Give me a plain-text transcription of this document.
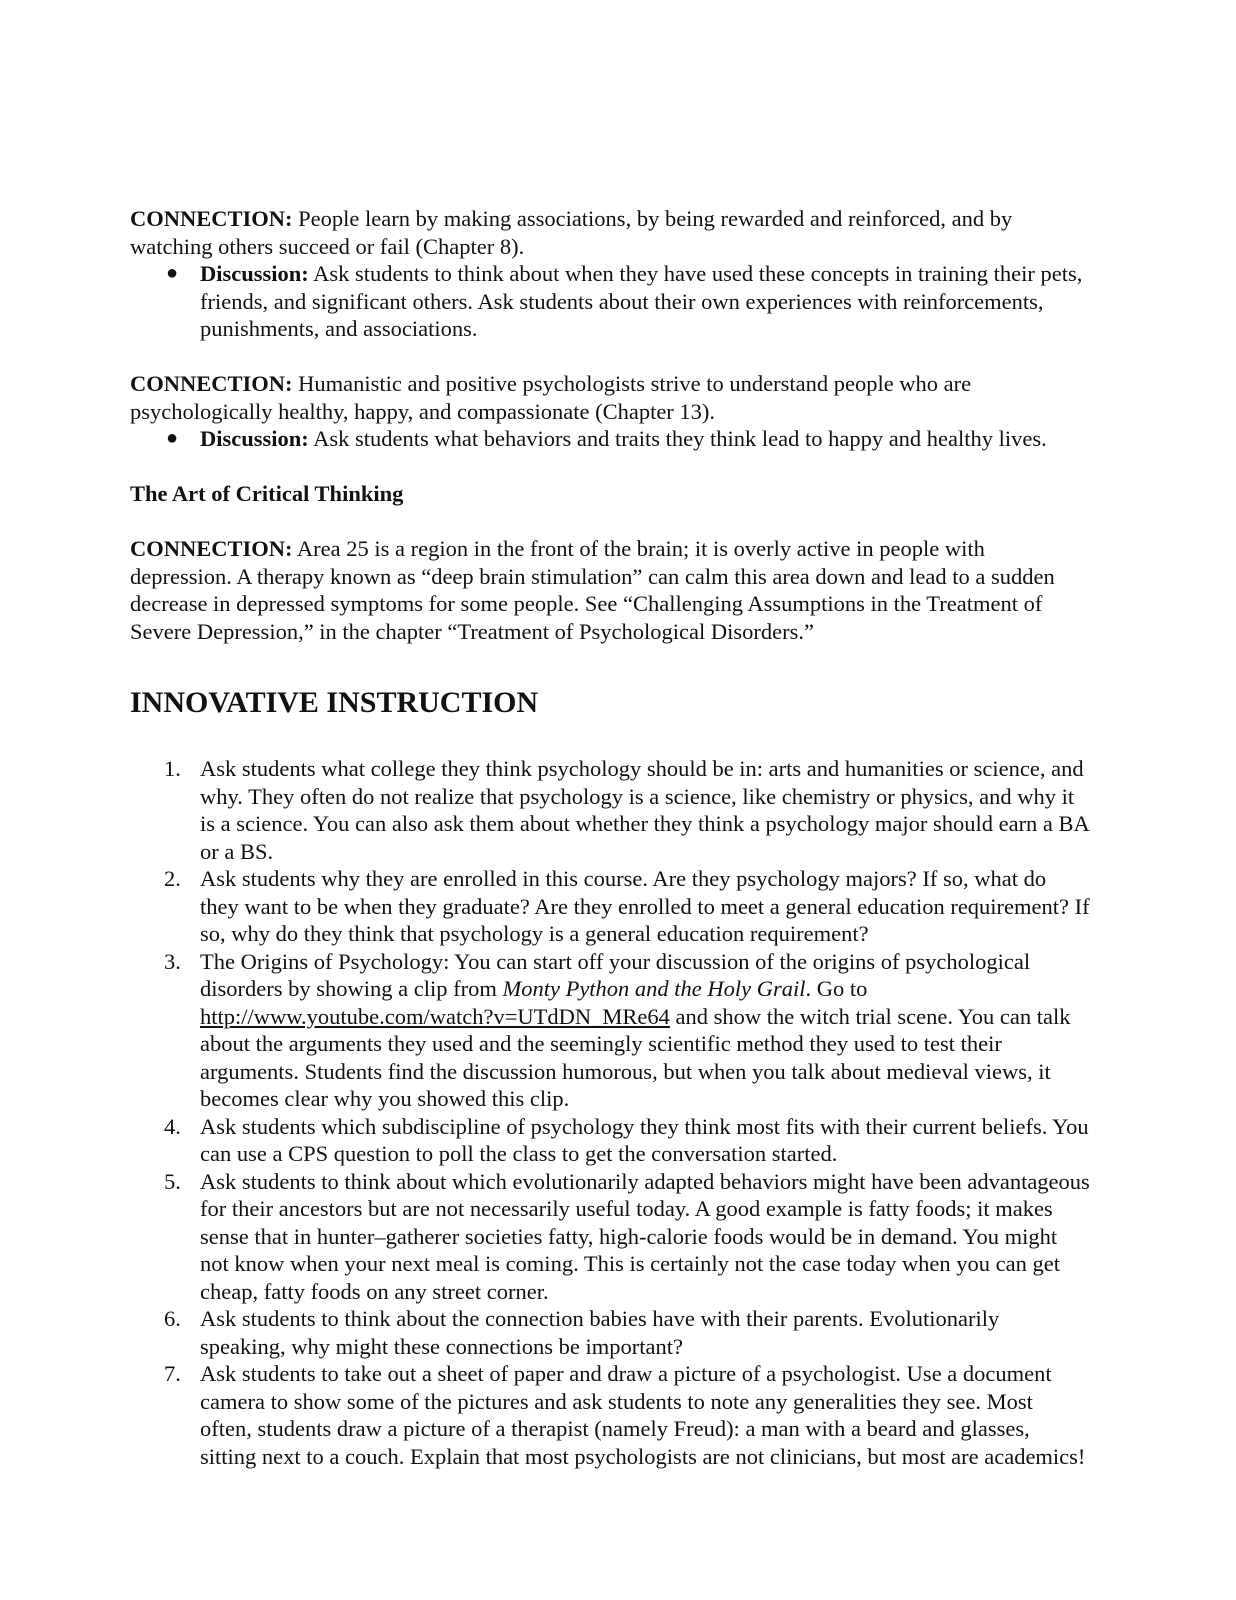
CONNECTION: People learn by making associations, by being rewarded and reinforced, and by watching others succeed or fail (Chapter 8).

● Discussion: Ask students to think about when they have used these concepts in training their pets, friends, and significant others. Ask students about their own experiences with reinforcements, punishments, and associations.

CONNECTION: Humanistic and positive psychologists strive to understand people who are psychologically healthy, happy, and compassionate (Chapter 13).

● Discussion: Ask students what behaviors and traits they think lead to happy and healthy lives.

The Art of Critical Thinking

CONNECTION: Area 25 is a region in the front of the brain; it is overly active in people with depression. A therapy known as “deep brain stimulation” can calm this area down and lead to a sudden decrease in depressed symptoms for some people. See “Challenging Assumptions in the Treatment of Severe Depression,” in the chapter “Treatment of Psychological Disorders.”

INNOVATIVE INSTRUCTION
1. Ask students what college they think psychology should be in: arts and humanities or science, and why. They often do not realize that psychology is a science, like chemistry or physics, and why it is a science. You can also ask them about whether they think a psychology major should earn a BA or a BS.
2. Ask students why they are enrolled in this course. Are they psychology majors? If so, what do they want to be when they graduate? Are they enrolled to meet a general education requirement? If so, why do they think that psychology is a general education requirement?
3. The Origins of Psychology: You can start off your discussion of the origins of psychological disorders by showing a clip from Monty Python and the Holy Grail. Go to http://www.youtube.com/watch?v=UTdDN_MRe64 and show the witch trial scene. You can talk about the arguments they used and the seemingly scientific method they used to test their arguments. Students find the discussion humorous, but when you talk about medieval views, it becomes clear why you showed this clip.
4. Ask students which subdiscipline of psychology they think most fits with their current beliefs. You can use a CPS question to poll the class to get the conversation started.
5. Ask students to think about which evolutionarily adapted behaviors might have been advantageous for their ancestors but are not necessarily useful today. A good example is fatty foods; it makes sense that in hunter–gatherer societies fatty, high-calorie foods would be in demand. You might not know when your next meal is coming. This is certainly not the case today when you can get cheap, fatty foods on any street corner.
6. Ask students to think about the connection babies have with their parents. Evolutionarily speaking, why might these connections be important?
7. Ask students to take out a sheet of paper and draw a picture of a psychologist. Use a document camera to show some of the pictures and ask students to note any generalities they see. Most often, students draw a picture of a therapist (namely Freud): a man with a beard and glasses, sitting next to a couch. Explain that most psychologists are not clinicians, but most are academics!
